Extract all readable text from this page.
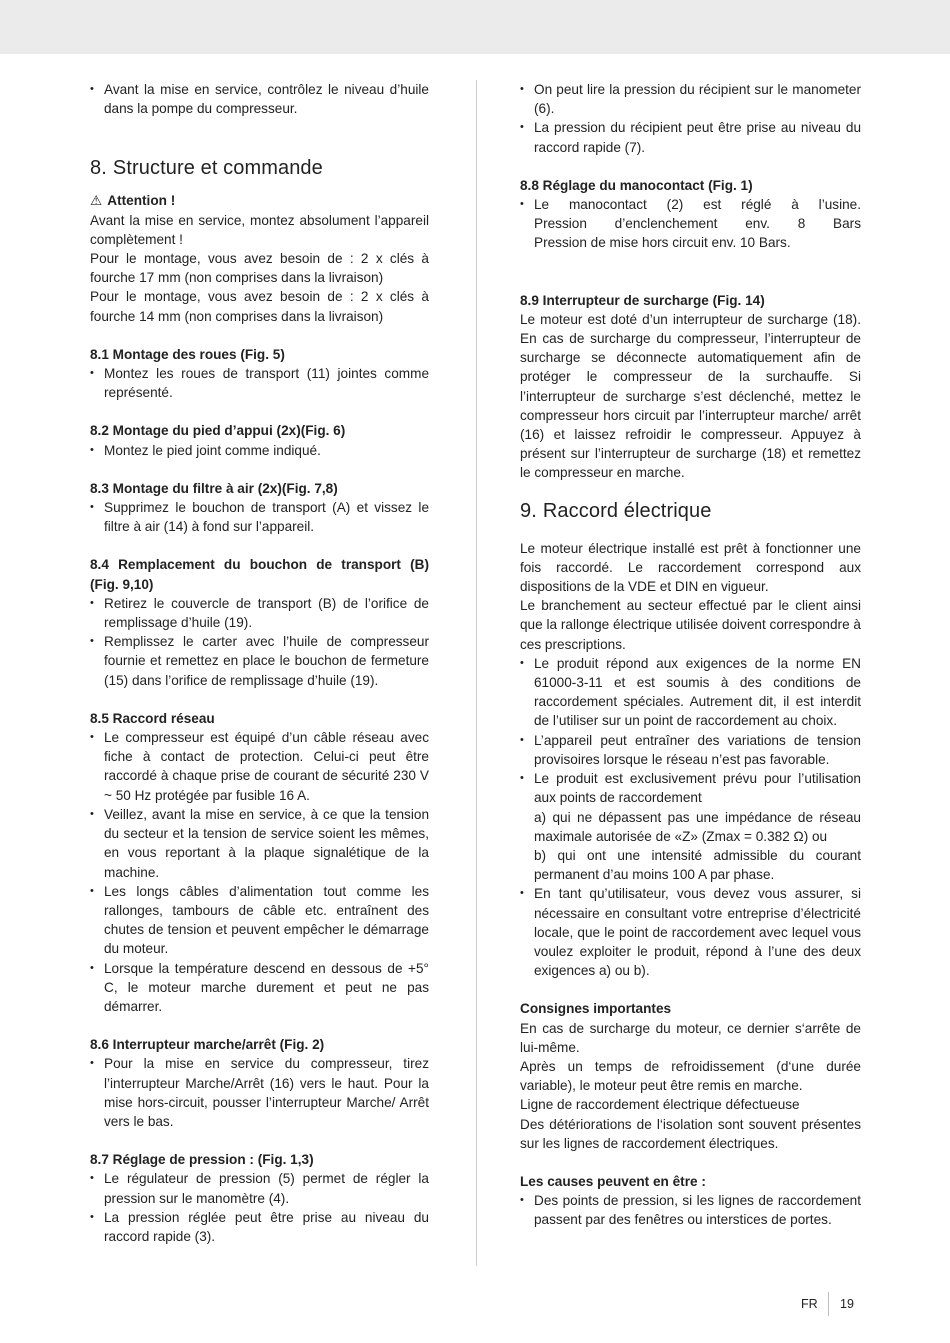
• Avant la mise en service, contrôlez le niveau d’huile dans la pompe du compresseur.
8. Structure et commande

⚠ Attention !

Avant la mise en service, montez absolument l’appareil complètement !

Pour le montage, vous avez besoin de : 2 x clés à fourche 17 mm (non comprises dans la livraison)

Pour le montage, vous avez besoin de : 2 x clés à fourche 14 mm (non comprises dans la livraison)

8.1 Montage des roues (Fig. 5)

• Montez les roues de transport (11) jointes comme représenté.

8.2 Montage du pied d’appui (2x)(Fig. 6)

• Montez le pied joint comme indiqué.

8.3 Montage du filtre à air (2x)(Fig. 7,8)

• Supprimez le bouchon de transport (A) et vissez le filtre à air (14) à fond sur l’appareil.

8.4 Remplacement du bouchon de transport (B) (Fig. 9,10)

• Retirez le couvercle de transport (B) de l’orifice de remplissage d’huile (19).
• Remplissez le carter avec l’huile de compresseur fournie et remettez en place le bouchon de fermeture (15) dans l’orifice de remplissage d’huile (19).

8.5 Raccord réseau

• Le compresseur est équipé d’un câble réseau avec fiche à contact de protection. Celui-ci peut être raccordé à chaque prise de courant de sécurité 230 V ~ 50 Hz protégée par fusible 16 A.
• Veillez, avant la mise en service, à ce que la tension du secteur et la tension de service soient les mêmes, en vous reportant à la plaque signalétique de la machine.
• Les longs câbles d’alimentation tout comme les rallonges, tambours de câble etc. entraînent des chutes de tension et peuvent empêcher le démarrage du moteur.
• Lorsque la température descend en dessous de +5° C, le moteur marche durement et peut ne pas démarrer.

8.6 Interrupteur marche/arrêt (Fig. 2)

• Pour la mise en service du compresseur, tirez l’interrupteur Marche/Arrêt (16) vers le haut. Pour la mise hors-circuit, pousser l’interrupteur Marche/ Arrêt vers le bas.

8.7 Réglage de pression : (Fig. 1,3)

• Le régulateur de pression (5) permet de régler la pression sur le manomètre (4).
• La pression réglée peut être prise au niveau du raccord rapide (3).
• On peut lire la pression du récipient sur le manometer (6).
• La pression du récipient peut être prise au niveau du raccord rapide (7).

8.8 Réglage du manocontact (Fig. 1)

• Le manocontact (2) est réglé à l’usine.
Pression d’enclenchement env. 8 Bars
Pression de mise hors circuit env. 10 Bars.

8.9 Interrupteur de surcharge (Fig. 14)

Le moteur est doté d’un interrupteur de surcharge (18). En cas de surcharge du compresseur, l’interrupteur de surcharge se déconnecte automatiquement afin de protéger le compresseur de la surchauffe. Si l’interrupteur de surcharge s’est déclenché, mettez le compresseur hors circuit par l’interrupteur marche/ arrêt (16) et laissez refroidir le compresseur. Appuyez à présent sur l’interrupteur de surcharge (18) et remettez le compresseur en marche.

9. Raccord électrique

Le moteur électrique installé est prêt à fonctionner une fois raccordé. Le raccordement correspond aux dispositions de la VDE et DIN en vigueur.

Le branchement au secteur effectué par le client ainsi que la rallonge électrique utilisée doivent correspondre à ces prescriptions.

• Le produit répond aux exigences de la norme EN 61000-3-11 et est soumis à des conditions de raccordement spéciales. Autrement dit, il est interdit de l’utiliser sur un point de raccordement au choix.
• L’appareil peut entraîner des variations de tension provisoires lorsque le réseau n’est pas favorable.
• Le produit est exclusivement prévu pour l’utilisation aux points de raccordement
a) qui ne dépassent pas une impédance de réseau maximale autorisée de «Z» (Zmax = 0.382 Ω) ou
b) qui ont une intensité admissible du courant permanent d’au moins 100 A par phase.
• En tant qu’utilisateur, vous devez vous assurer, si nécessaire en consultant votre entreprise d’électricité locale, que le point de raccordement avec lequel vous voulez exploiter le produit, répond à l’une des deux exigences a) ou b).

Consignes importantes

En cas de surcharge du moteur, ce dernier s‘arrête de lui-même.

Après un temps de refroidissement (d‘une durée variable), le moteur peut être remis en marche.

Ligne de raccordement électrique défectueuse

Des détériorations de l‘isolation sont souvent présentes sur les lignes de raccordement électriques.

Les causes peuvent en être :

• Des points de pression, si les lignes de raccordement passent par des fenêtres ou interstices de portes.
FR 19
